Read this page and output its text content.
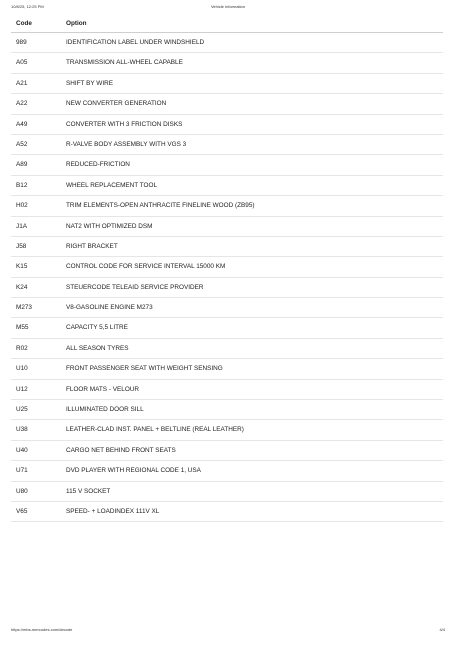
10/8/25, 12:25 PM	Vehicle Information
Code	Option
989	IDENTIFICATION LABEL UNDER WINDSHIELD
A05	TRANSMISSION ALL-WHEEL CAPABLE
A21	SHIFT BY WIRE
A22	NEW CONVERTER GENERATION
A49	CONVERTER WITH 3 FRICTION DISKS
A52	R-VALVE BODY ASSEMBLY WITH VGS 3
A89	REDUCED-FRICTION
B12	WHEEL REPLACEMENT TOOL
H02	TRIM ELEMENTS-OPEN ANTHRACITE FINELINE WOOD (ZB95)
J1A	NAT2 WITH OPTIMIZED DSM
J58	RIGHT BRACKET
K15	CONTROL CODE FOR SERVICE INTERVAL 15000 KM
K24	STEUERCODE TELEAID SERVICE PROVIDER
M273	V8-GASOLINE ENGINE M273
M55	CAPACITY 5,5 LITRE
R02	ALL SEASON TYRES
U10	FRONT PASSENGER SEAT WITH WEIGHT SENSING
U12	FLOOR MATS - VELOUR
U25	ILLUMINATED DOOR SILL
U38	LEATHER-CLAD INST. PANEL + BELTLINE (REAL LEATHER)
U40	CARGO NET BEHIND FRONT SEATS
U71	DVD PLAYER WITH REGIONAL CODE 1, USA
U80	115 V SOCKET
V65	SPEED- + LOADINDEX 111V XL
https://mbs-mercodes.com/decode	4/4
